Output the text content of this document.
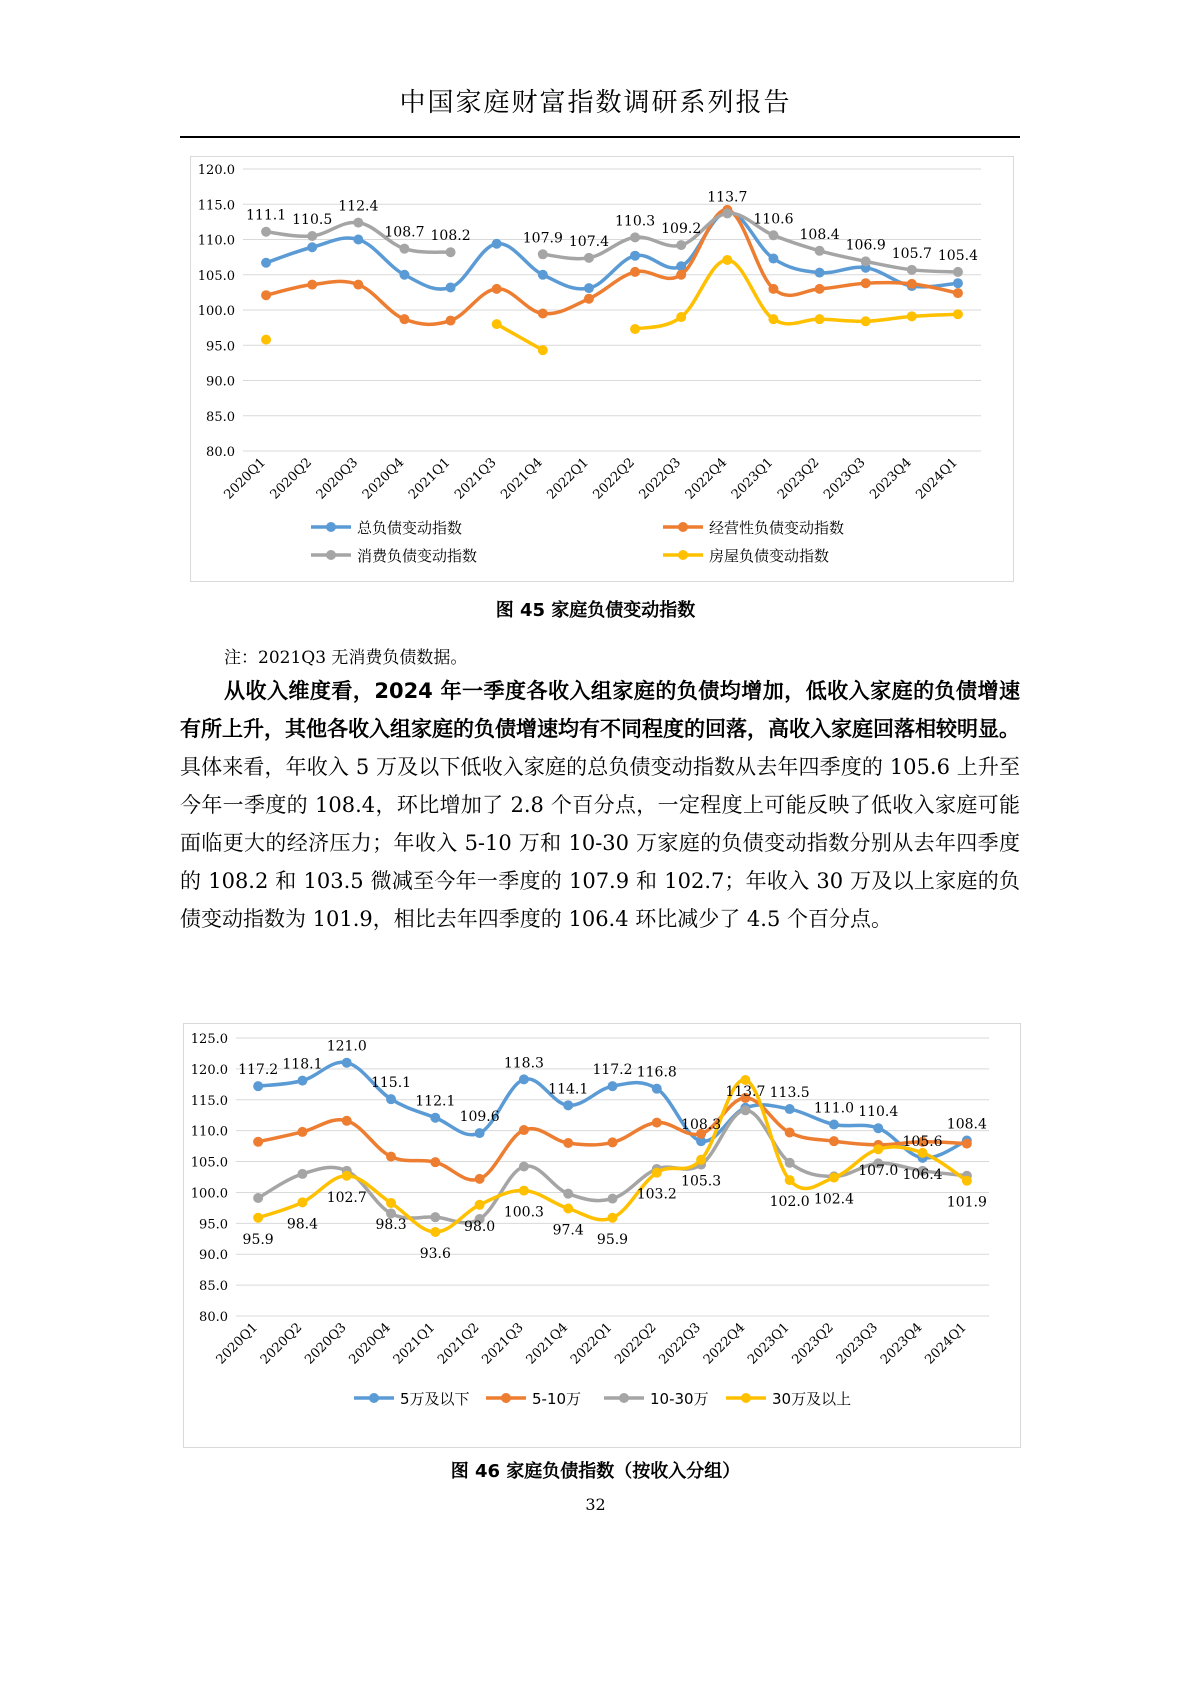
中国家庭财富指数调研系列报告
80.0
85.0
90.0
95.0
100.0
105.0
110.0
115.0
120.0
2020Q1
2020Q2
2020Q3
2020Q4
2021Q1
2021Q3
2021Q4
2022Q1
2022Q2
2022Q3
2022Q4
2023Q1
2023Q2
2023Q3
2023Q4
2024Q1
111.1 110.5
112.4
108.7 108.2	107.9 107.4
110.3 109.2
113.7
110.6
108.4
106.9
105.7 105.4
总负债变动指数	经营性负债变动指数
消费负债变动指数	房屋负债变动指数
图 45 家庭负债变动指数
注：2021Q3 无消费负债数据。
从收入维度看，2024 年一季度各收入组家庭的负债均增加，低收入家庭的负债增速有所上升，其他各收入组家庭的负债增速均有不同程度的回落，高收入家庭回落相较明显。具体来看，年收入 5 万及以下低收入家庭的总负债变动指数从去年四季度的 105.6 上升至今年一季度的 108.4，环比增加了 2.8 个百分点，一定程度上可能反映了低收入家庭可能面临更大的经济压力；年收入 5-10 万和 10-30 万家庭的负债变动指数分别从去年四季度的 108.2 和 103.5 微减至今年一季度的 107.9 和 102.7；年收入 30 万及以上家庭的负债变动指数为 101.9，相比去年四季度的 106.4 环比减少了 4.5 个百分点。
80.0
85.0
90.0
95.0
100.0
105.0
110.0
115.0
120.0
125.0
2020Q1
2020Q2
2020Q3
2020Q4
2021Q1
2021Q2
2021Q3
2021Q4
2022Q1
2022Q2
2022Q3
2022Q4
2023Q1
2023Q2
2023Q3
2023Q4
2024Q1
117.2 118.1
121.0
115.1
112.1
109.6
118.3
114.1
117.2 116.8
108.3
113.7 113.5
111.0 110.4
105.6
108.4
95.9
98.4
102.7
98.3
93.6
98.0
100.3
97.4
95.9
103.2
105.3
102.0 102.4
107.0 106.4
101.9
5万及以下	5-10万	10-30万	30万及以上
图 46 家庭负债指数（按收入分组）
32
